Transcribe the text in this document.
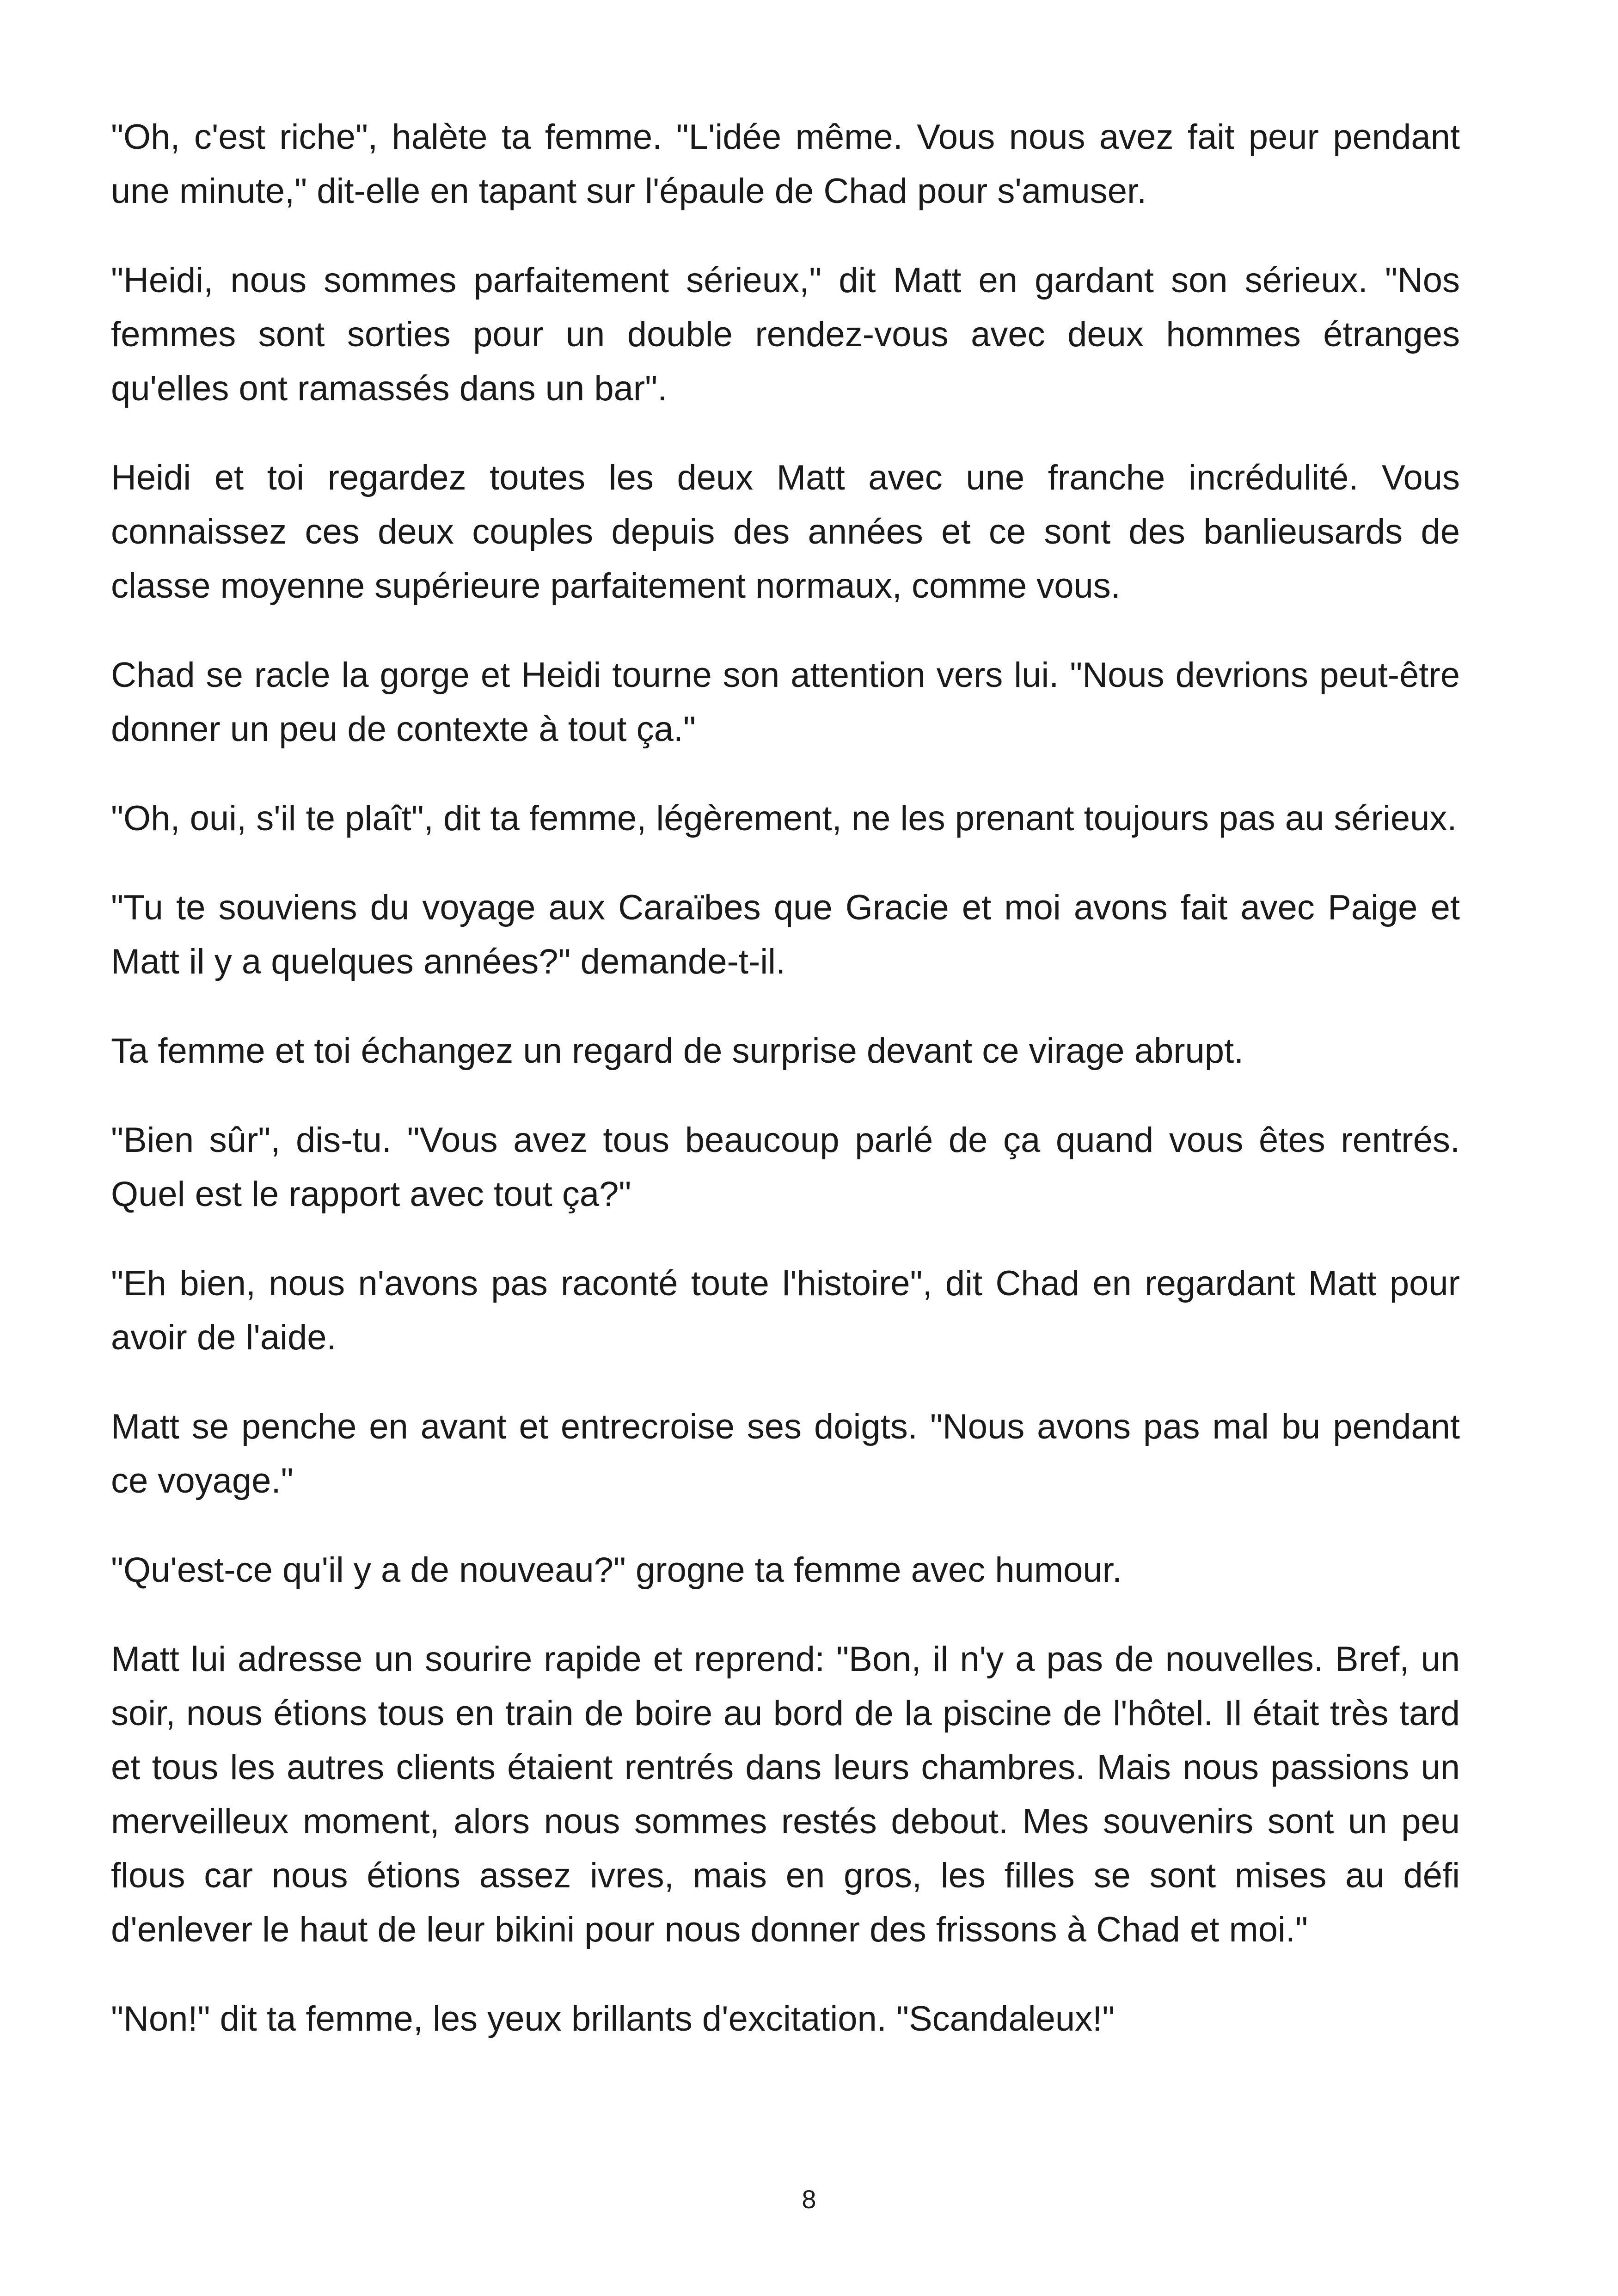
"Oh, c'est riche", halète ta femme. "L'idée même. Vous nous avez fait peur pendant une minute," dit-elle en tapant sur l'épaule de Chad pour s'amuser.

"Heidi, nous sommes parfaitement sérieux," dit Matt en gardant son sérieux. "Nos femmes sont sorties pour un double rendez-vous avec deux hommes étranges qu'elles ont ramassés dans un bar".

Heidi et toi regardez toutes les deux Matt avec une franche incrédulité. Vous connaissez ces deux couples depuis des années et ce sont des banlieusards de classe moyenne supérieure parfaitement normaux, comme vous.

Chad se racle la gorge et Heidi tourne son attention vers lui. "Nous devrions peut-être donner un peu de contexte à tout ça."

"Oh, oui, s'il te plaît", dit ta femme, légèrement, ne les prenant toujours pas au sérieux.

"Tu te souviens du voyage aux Caraïbes que Gracie et moi avons fait avec Paige et Matt il y a quelques années?" demande-t-il.

Ta femme et toi échangez un regard de surprise devant ce virage abrupt.

"Bien sûr", dis-tu. "Vous avez tous beaucoup parlé de ça quand vous êtes rentrés. Quel est le rapport avec tout ça?"

"Eh bien, nous n'avons pas raconté toute l'histoire", dit Chad en regardant Matt pour avoir de l'aide.

Matt se penche en avant et entrecroise ses doigts. "Nous avons pas mal bu pendant ce voyage."

"Qu'est-ce qu'il y a de nouveau?" grogne ta femme avec humour.

Matt lui adresse un sourire rapide et reprend: "Bon, il n'y a pas de nouvelles. Bref, un soir, nous étions tous en train de boire au bord de la piscine de l'hôtel. Il était très tard et tous les autres clients étaient rentrés dans leurs chambres. Mais nous passions un merveilleux moment, alors nous sommes restés debout. Mes souvenirs sont un peu flous car nous étions assez ivres, mais en gros, les filles se sont mises au défi d'enlever le haut de leur bikini pour nous donner des frissons à Chad et moi."

"Non!" dit ta femme, les yeux brillants d'excitation. "Scandaleux!"

8
